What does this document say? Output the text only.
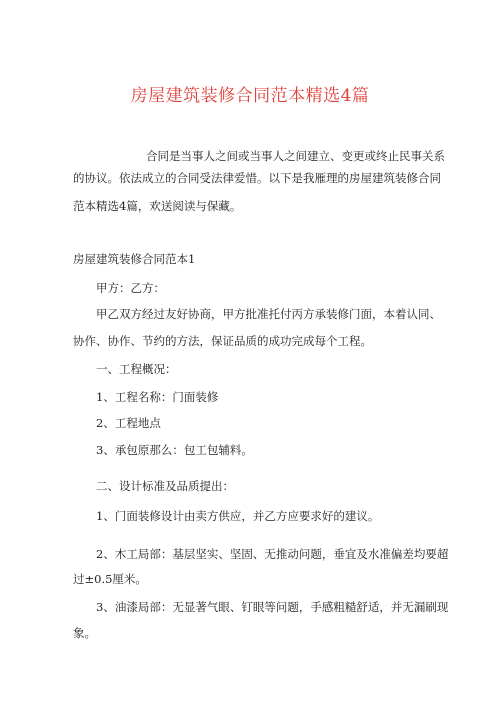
房屋建筑装修合同范本精选4篇
合同是当事人之间或当事人之间建立、变更或终止民事关系
的协议。依法成立的合同受法律爱惜。以下是我雁理的房屋建筑装修合同
范本精选4篇，欢送阅读与保藏。
房屋建筑装修合同范本1
甲方：乙方：
甲乙双方经过友好协商，甲方批准托付丙方承装修门面，本着认同、
协作、协作、节约的方法，保证品质的成功完成每个工程。
一、工程概况：
1、工程名称：门面装修
2、工程地点
3、承包原那么：包工包辅料。
二、设计标准及品质提出：
1、门面装修设计由卖方供应，并乙方应要求好的建议。
2、木工局部：基层坚实、坚固、无推动问题，垂宜及水准偏差均要超
过±0.5厘米。
3、油漆局部：无显著气眼、钉眼等问题，手感粗糙舒适，并无漏刷现
象。
